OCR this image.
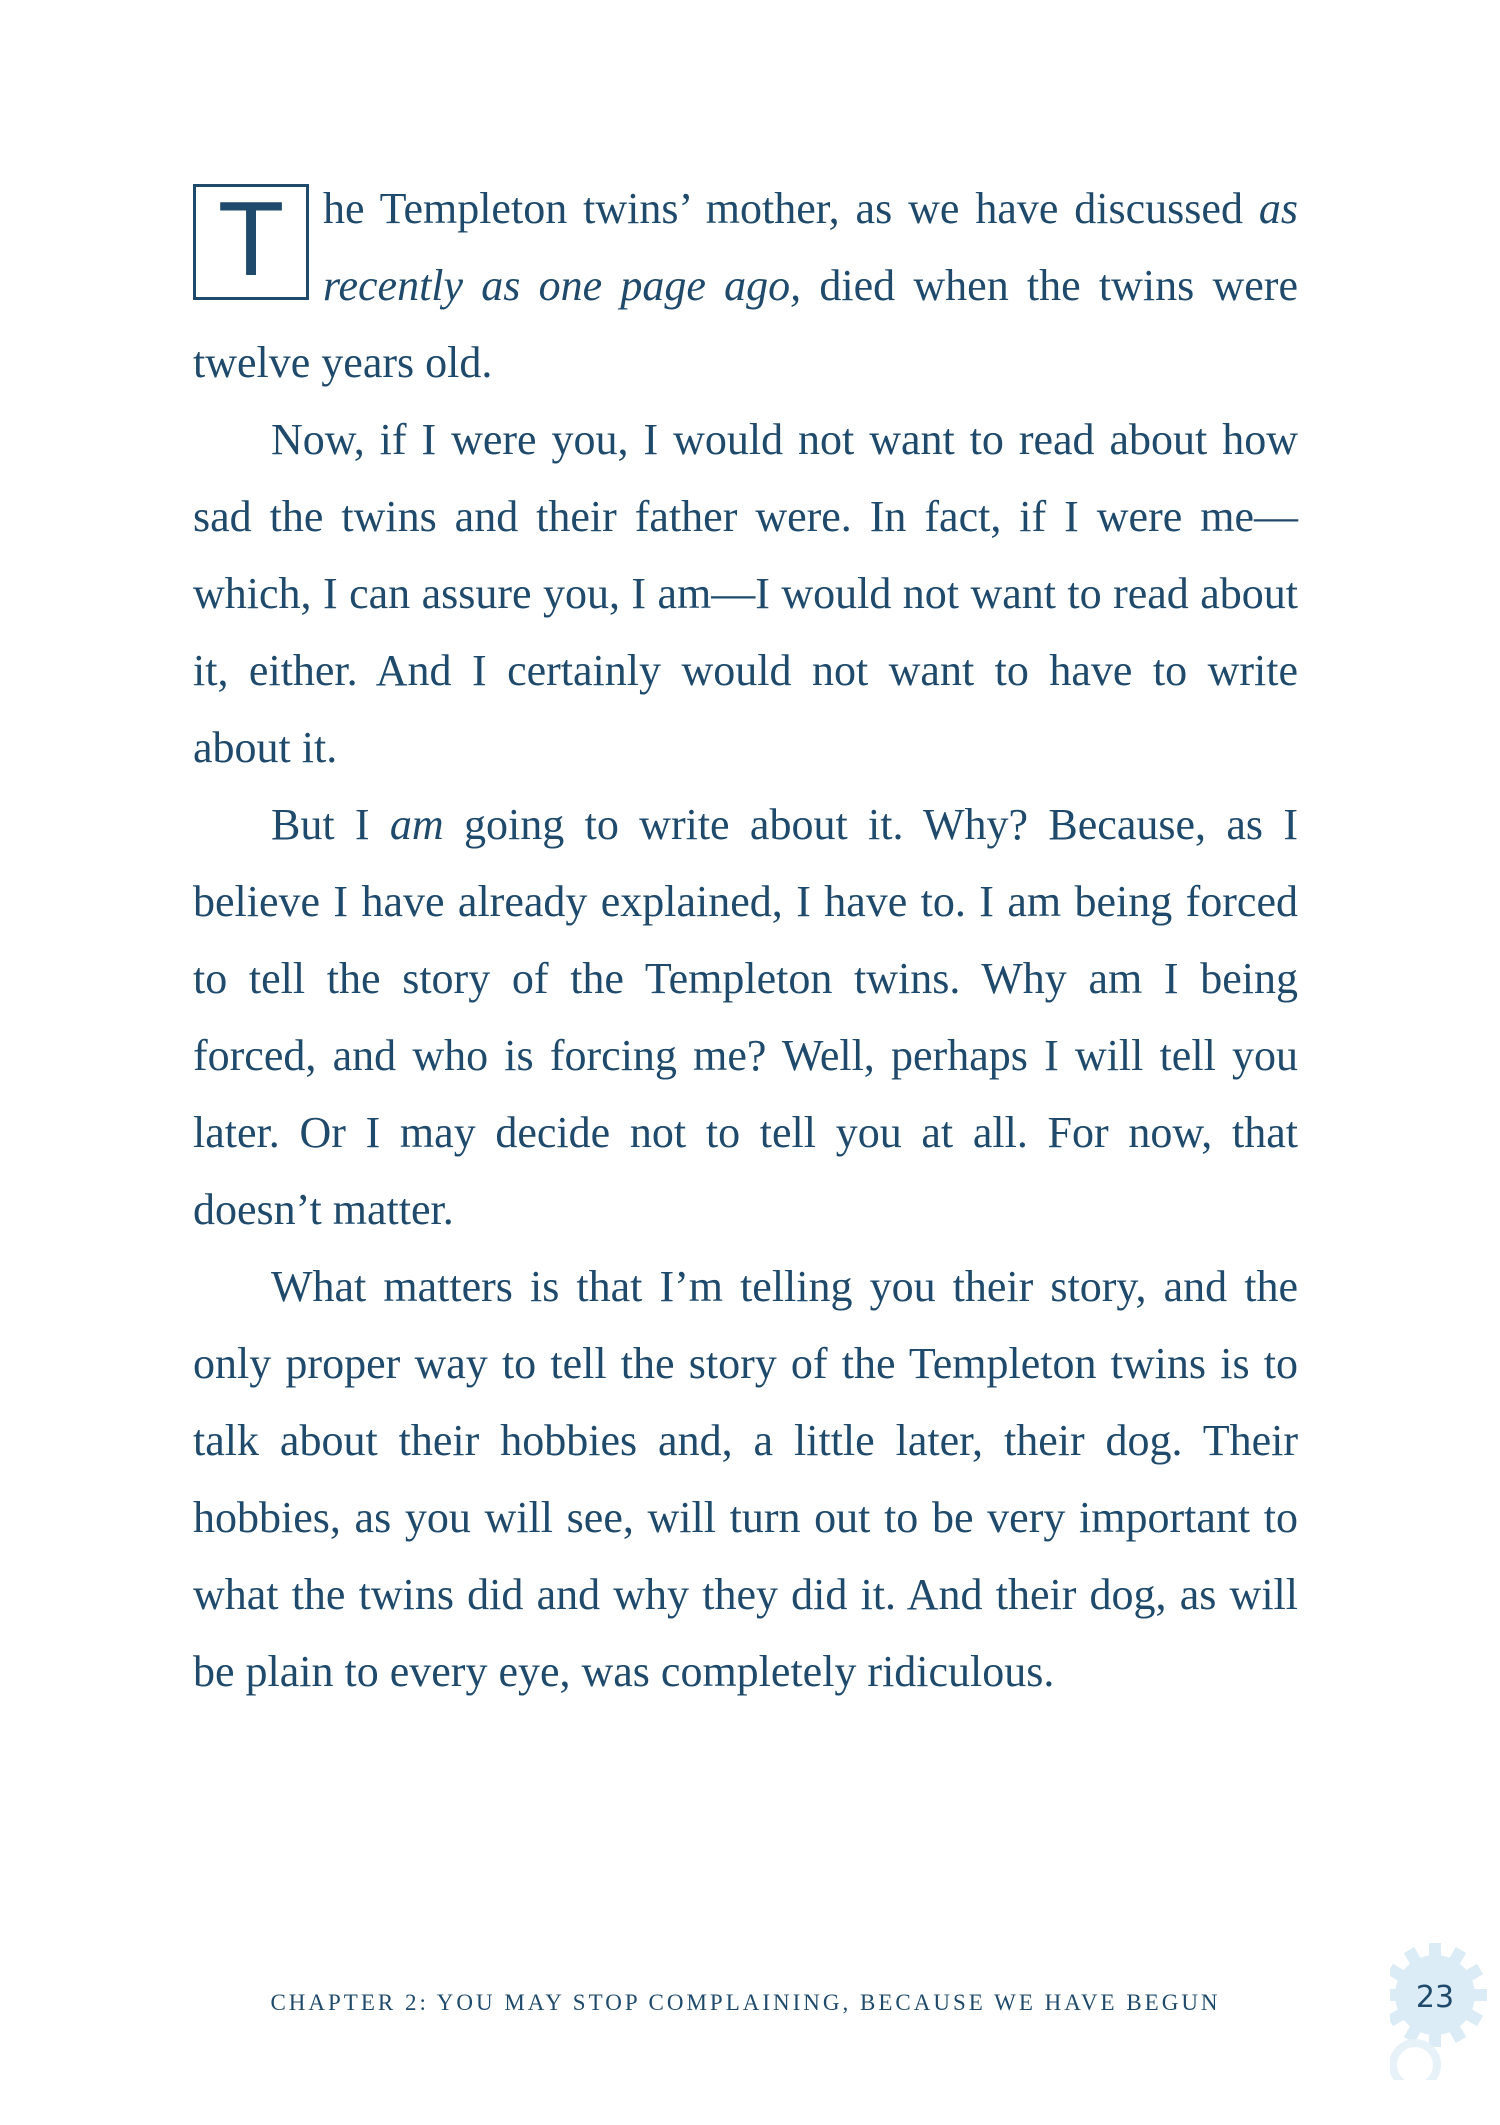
T he Templeton twins’ mother, as we have discussed as recently as one page ago, died when the twins were twelve years old.

Now, if I were you, I would not want to read about how sad the twins and their father were. In fact, if I were me—which, I can assure you, I am—I would not want to read about it, either. And I certainly would not want to have to write about it.

But I am going to write about it. Why? Because, as I believe I have already explained, I have to. I am being forced to tell the story of the Templeton twins. Why am I being forced, and who is forcing me? Well, perhaps I will tell you later. Or I may decide not to tell you at all. For now, that doesn’t matter.

What matters is that I’m telling you their story, and the only proper way to tell the story of the Templeton twins is to talk about their hobbies and, a little later, their dog. Their hobbies, as you will see, will turn out to be very important to what the twins did and why they did it. And their dog, as will be plain to every eye, was completely ridiculous.

CHAPTER 2: YOU MAY STOP COMPLAINING, BECAUSE WE HAVE BEGUN	23
